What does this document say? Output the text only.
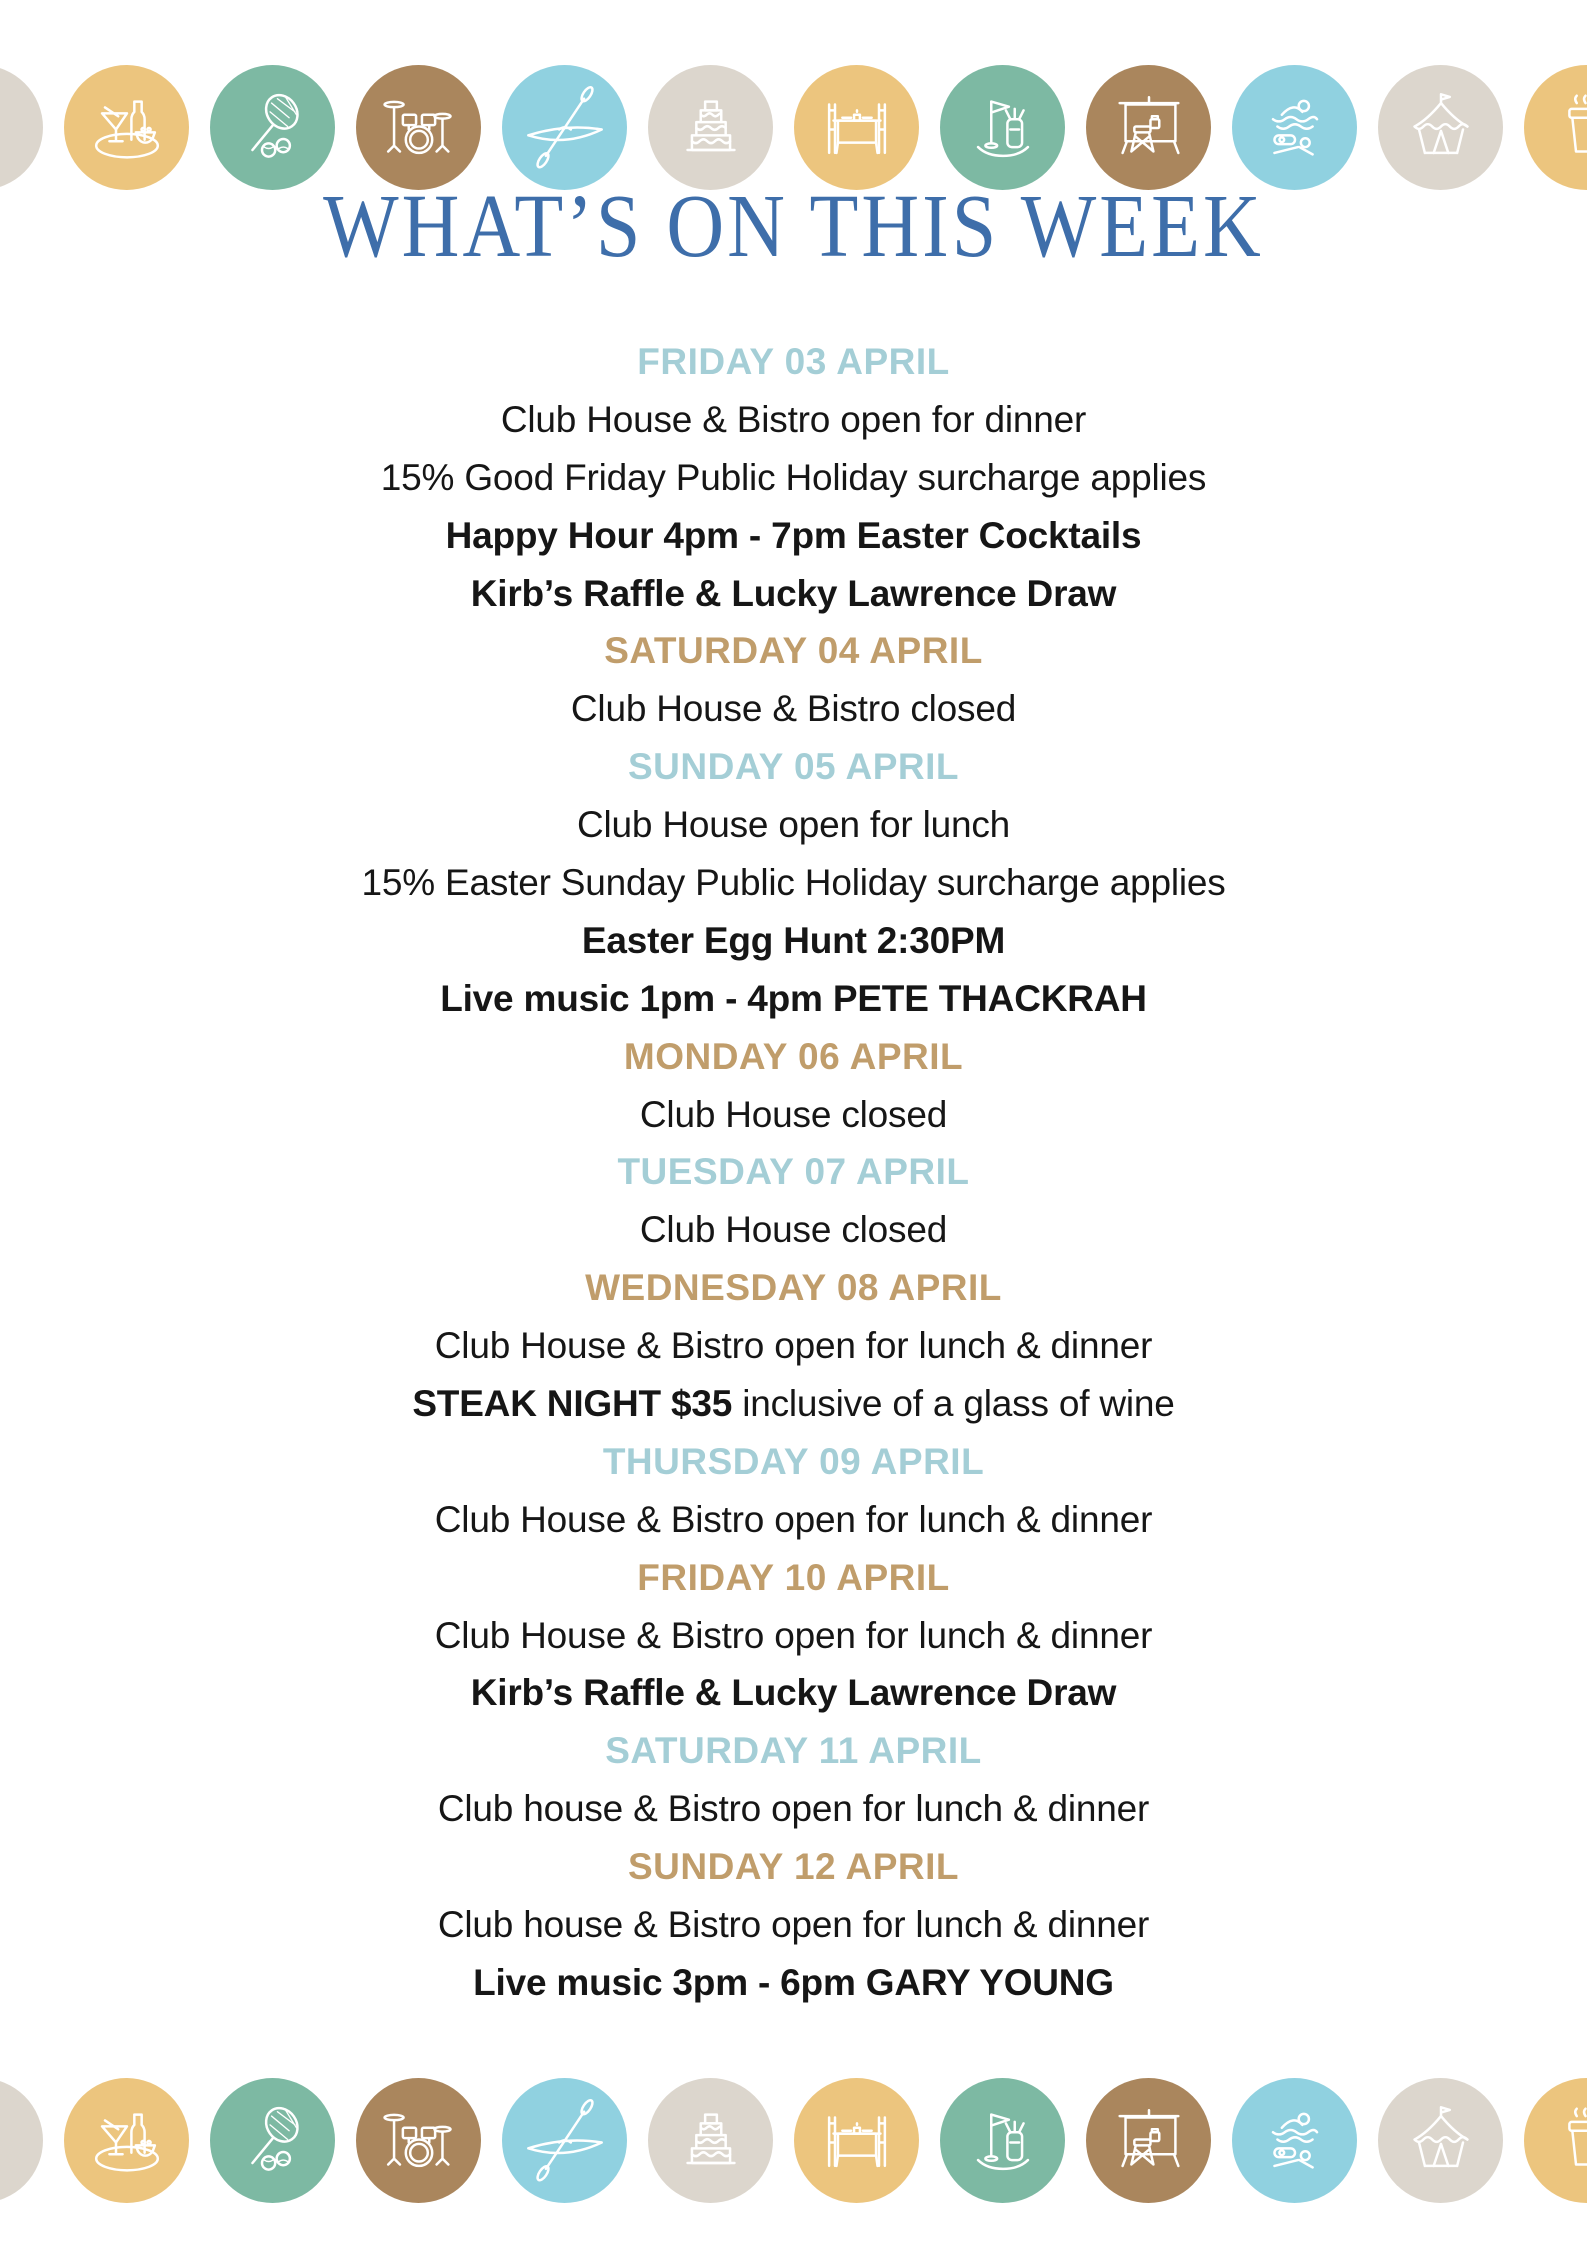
WHAT’S ON THIS WEEK
FRIDAY 03 APRIL
Club House & Bistro open for dinner
15% Good Friday Public Holiday surcharge applies
Happy Hour 4pm - 7pm Easter Cocktails
Kirb’s Raffle & Lucky Lawrence Draw
SATURDAY 04 APRIL
Club House & Bistro closed
SUNDAY 05 APRIL
Club House open for lunch
15% Easter Sunday Public Holiday surcharge applies
Easter Egg Hunt 2:30PM
Live music 1pm - 4pm PETE THACKRAH
MONDAY 06 APRIL
Club House closed
TUESDAY 07 APRIL
Club House closed
WEDNESDAY 08 APRIL
Club House & Bistro open for lunch & dinner
STEAK NIGHT $35 inclusive of a glass of wine
THURSDAY 09 APRIL
Club House & Bistro open for lunch & dinner
FRIDAY 10 APRIL
Club House & Bistro open for lunch & dinner
Kirb’s Raffle & Lucky Lawrence Draw
SATURDAY 11 APRIL
Club house & Bistro open for lunch & dinner
SUNDAY 12 APRIL
Club house & Bistro open for lunch & dinner
Live music 3pm - 6pm GARY YOUNG
